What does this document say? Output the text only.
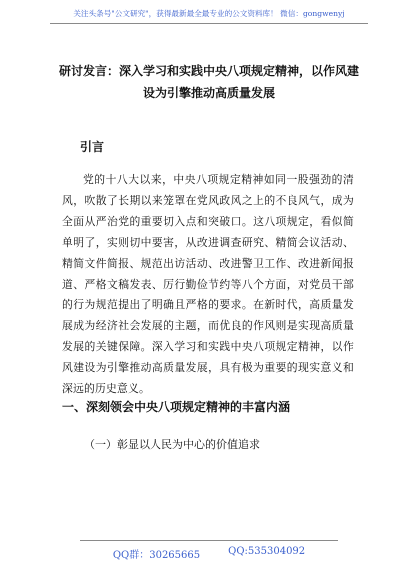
关注头条号"公文研究"，获得最新最全最专业的公文资料库！ 微信：gongwenyj
研讨发言：深入学习和实践中央八项规定精神，以作风建设为引擎推动高质量发展
引言

党的十八大以来，中央八项规定精神如同一股强劲的清风，吹散了长期以来笼罩在党风政风之上的不良风气，成为全面从严治党的重要切入点和突破口。这八项规定，看似简单明了，实则切中要害，从改进调查研究、精简会议活动、精简文件简报、规范出访活动、改进警卫工作、改进新闻报道、严格文稿发表、厉行勤俭节约等八个方面，对党员干部的行为规范提出了明确且严格的要求。在新时代，高质量发展成为经济社会发展的主题，而优良的作风则是实现高质量发展的关键保障。深入学习和实践中央八项规定精神，以作风建设为引擎推动高质量发展，具有极为重要的现实意义和深远的历史意义。

一、深刻领会中央八项规定精神的丰富内涵
（一）彰显以人民为中心的价值追求
QQ群：30265665	QQ:535304092
